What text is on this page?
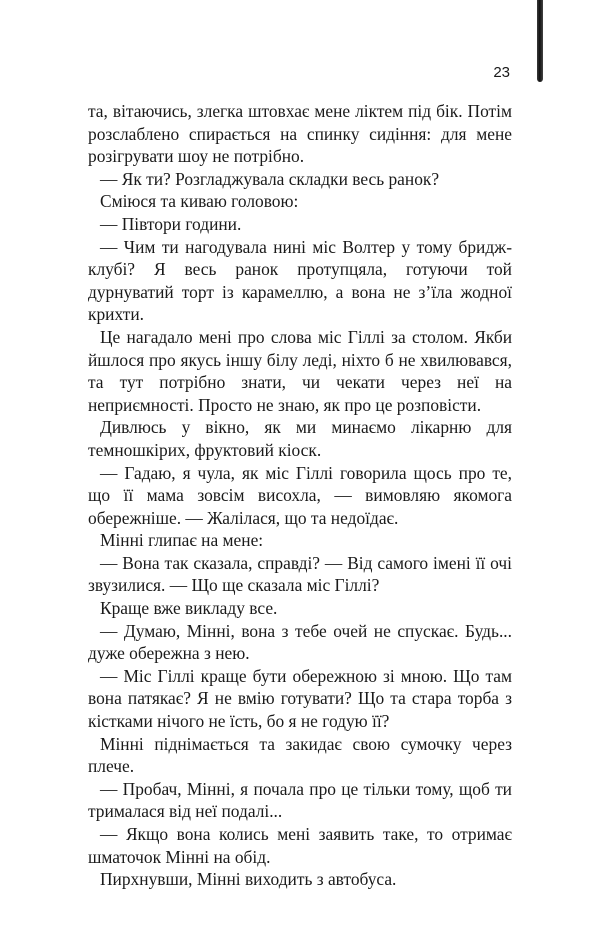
23

та, вітаючись, злегка штовхає мене ліктем під бік. Потім розслаблено спирається на спинку сидіння: для мене розігрувати шоу не потрібно.

— Як ти? Розгладжувала складки весь ранок?

Сміюся та киваю головою:

— Півтори години.

— Чим ти нагодувала нині міс Волтер у тому бридж-клубі? Я весь ранок протупцяла, готуючи той дурнуватий торт із карамеллю, а вона не з’їла жодної крихти.

Це нагадало мені про слова міс Гіллі за столом. Якби йшлося про якусь іншу білу леді, ніхто б не хвилювався, та тут потрібно знати, чи чекати через неї на неприємності. Просто не знаю, як про це розповісти.

Дивлюсь у вікно, як ми минаємо лікарню для темношкірих, фруктовий кіоск.

— Гадаю, я чула, як міс Гіллі говорила щось про те, що її мама зовсім висохла, — вимовляю якомога обережніше. — Жалілася, що та недоїдає.

Мінні глипає на мене:

— Вона так сказала, справді? — Від самого імені її очі звузилися. — Що ще сказала міс Гіллі?

Краще вже викладу все.

— Думаю, Мінні, вона з тебе очей не спускає. Будь... дуже обережна з нею.

— Міс Гіллі краще бути обережною зі мною. Що там вона патякає? Я не вмію готувати? Що та стара торба з кістками нічого не їсть, бо я не годую її?

Мінні піднімається та закидає свою сумочку через плече.

— Пробач, Мінні, я почала про це тільки тому, щоб ти трималася від неї подалі...

— Якщо вона колись мені заявить таке, то отримає шматочок Мінні на обід.

Пирхнувши, Мінні виходить з автобуса.
